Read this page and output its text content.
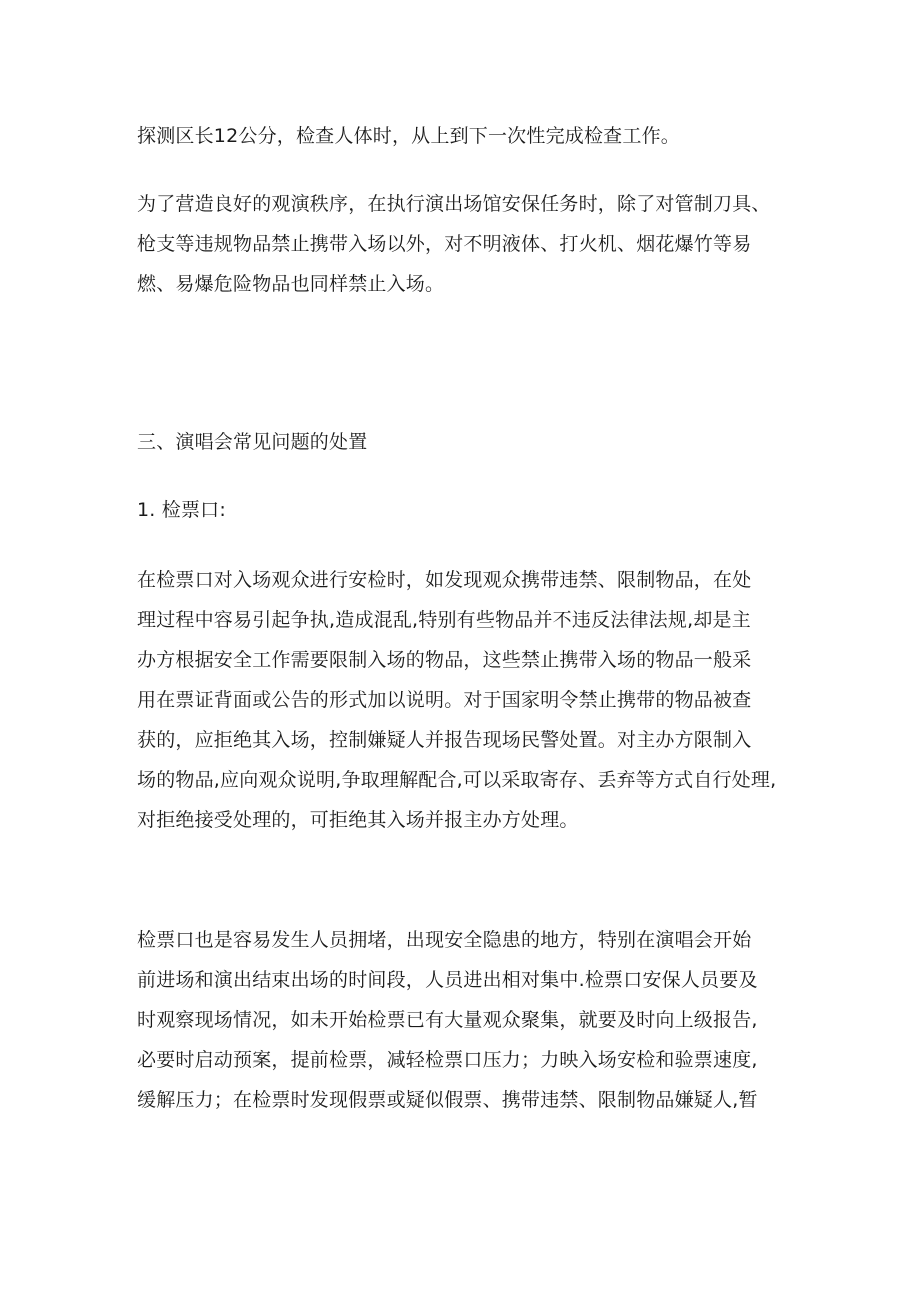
探测区长12公分，检查人体时，从上到下一次性完成检查工作。
为了营造良好的观演秩序，在执行演出场馆安保任务时，除了对管制刀具、
枪支等违规物品禁止携带入场以外，对不明液体、打火机、烟花爆竹等易
燃、易爆危险物品也同样禁止入场。
三、演唱会常见问题的处置
1. 检票口:
在检票口对入场观众进行安检时，如发现观众携带违禁、限制物品，在处
理过程中容易引起争执,造成混乱,特别有些物品并不违反法律法规,却是主
办方根据安全工作需要限制入场的物品，这些禁止携带入场的物品一般采
用在票证背面或公告的形式加以说明。对于国家明令禁止携带的物品被查
获的，应拒绝其入场，控制嫌疑人并报告现场民警处置。对主办方限制入
场的物品,应向观众说明,争取理解配合,可以采取寄存、丢弃等方式自行处理,
对拒绝接受处理的，可拒绝其入场并报主办方处理。
检票口也是容易发生人员拥堵，出现安全隐患的地方，特别在演唱会开始
前进场和演出结束出场的时间段，人员进出相对集中.检票口安保人员要及
时观察现场情况，如未开始检票已有大量观众聚集，就要及时向上级报告,
必要时启动预案，提前检票，减轻检票口压力；力映入场安检和验票速度,
缓解压力；在检票时发现假票或疑似假票、携带违禁、限制物品嫌疑人,暂
